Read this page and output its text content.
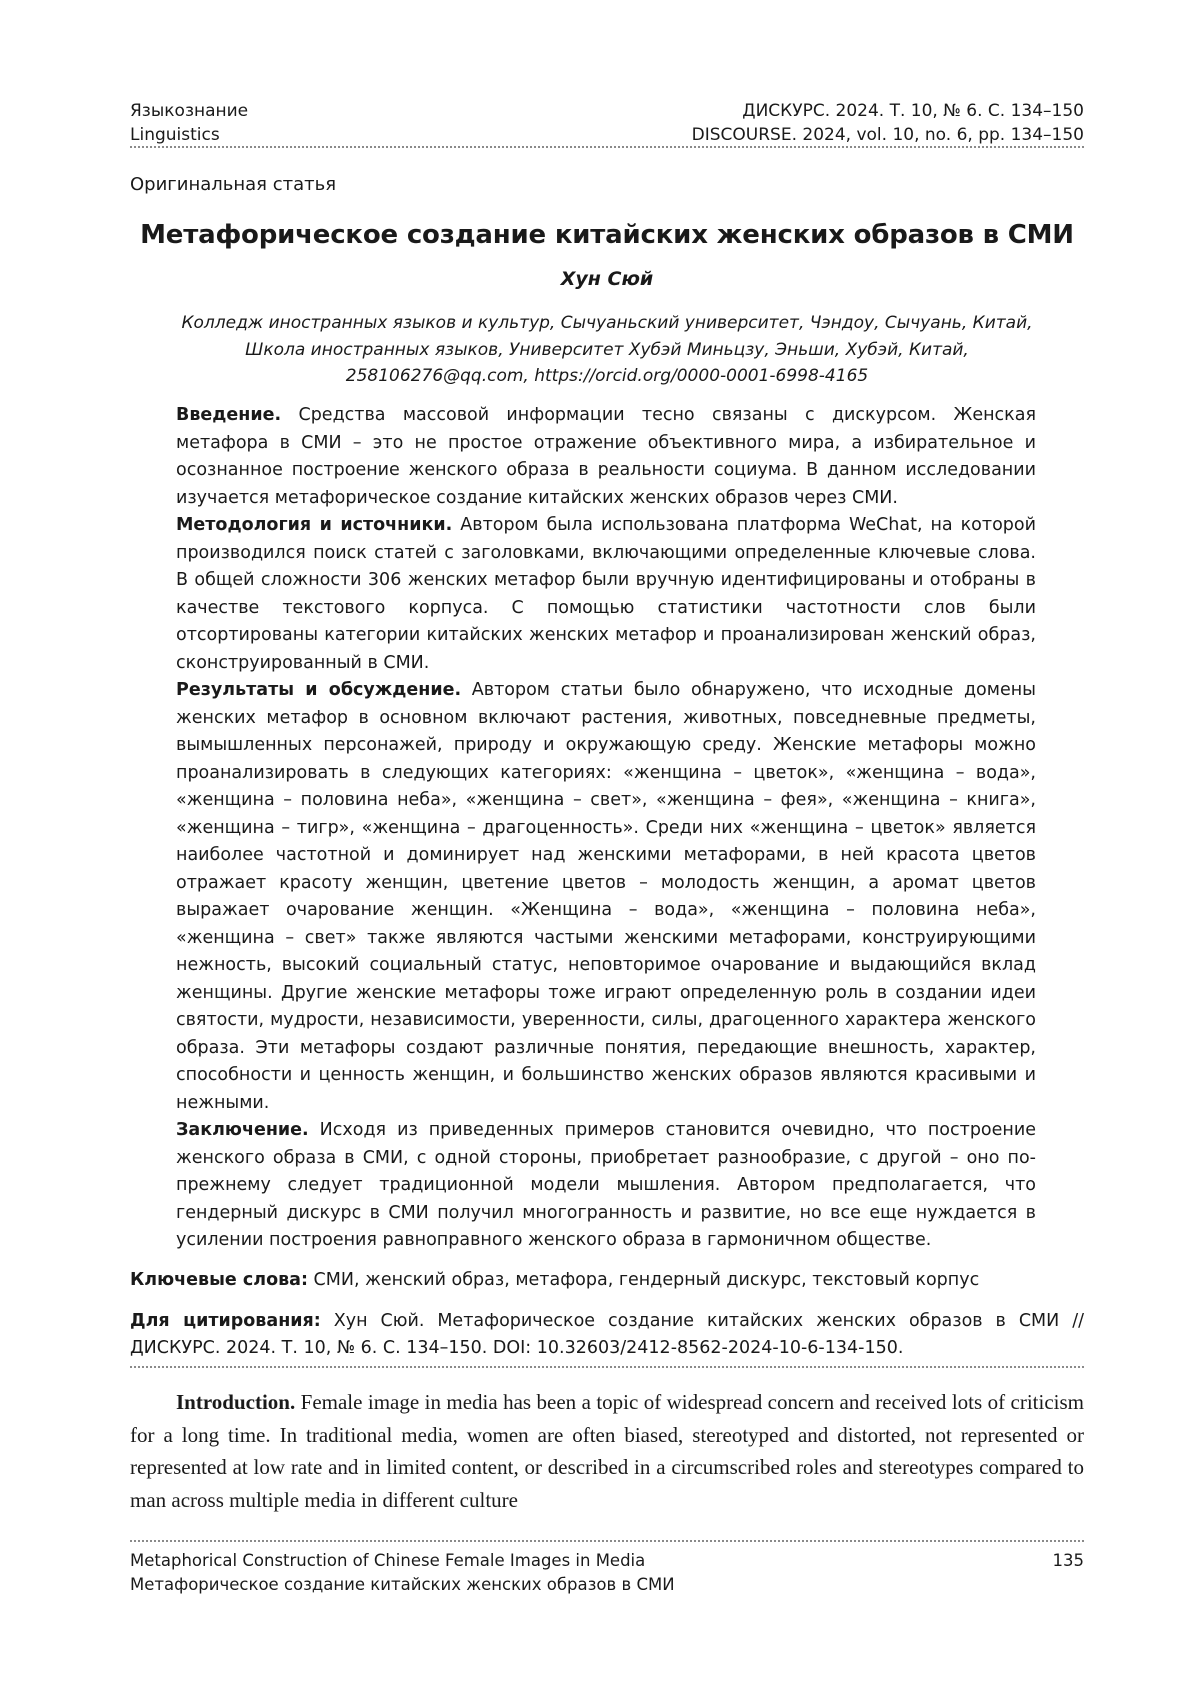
Языкознание
Linguistics
ДИСКУРС. 2024. Т. 10, № 6. С. 134–150
DISCOURSE. 2024, vol. 10, no. 6, pp. 134–150
Оригинальная статья
Метафорическое создание китайских женских образов в СМИ
Хун Сюй
Колледж иностранных языков и культур, Сычуаньский университет, Чэндоу, Сычуань, Китай,
Школа иностранных языков, Университет Хубэй Миньцзу, Эньши, Хубэй, Китай,
258106276@qq.com, https://orcid.org/0000-0001-6998-4165

Введение. Средства массовой информации тесно связаны с дискурсом. Женская метафора в СМИ – это не простое отражение объективного мира, а избирательное и осознанное построение женского образа в реальности социума. В данном исследовании изучается метафорическое создание китайских женских образов через СМИ.

Методология и источники. Автором была использована платформа WeChat, на которой производился поиск статей с заголовками, включающими определенные ключевые слова. В общей сложности 306 женских метафор были вручную идентифицированы и отобраны в качестве текстового корпуса. С помощью статистики частотности слов были отсортированы категории китайских женских метафор и проанализирован женский образ, сконструированный в СМИ.

Результаты и обсуждение. Автором статьи было обнаружено, что исходные домены женских метафор в основном включают растения, животных, повседневные предметы, вымышленных персонажей, природу и окружающую среду. Женские метафоры можно проанализировать в следующих категориях: «женщина – цветок», «женщина – вода», «женщина – половина неба», «женщина – свет», «женщина – фея», «женщина – книга», «женщина – тигр», «женщина – драгоценность». Среди них «женщина – цветок» является наиболее частотной и доминирует над женскими метафорами, в ней красота цветов отражает красоту женщин, цветение цветов – молодость женщин, а аромат цветов выражает очарование женщин. «Женщина – вода», «женщина – половина неба», «женщина – свет» также являются частыми женскими метафорами, конструирующими нежность, высокий социальный статус, неповторимое очарование и выдающийся вклад женщины. Другие женские метафоры тоже играют определенную роль в создании идеи святости, мудрости, независимости, уверенности, силы, драгоценного характера женского образа. Эти метафоры создают различные понятия, передающие внешность, характер, способности и ценность женщин, и большинство женских образов являются красивыми и нежными.

Заключение. Исходя из приведенных примеров становится очевидно, что построение женского образа в СМИ, с одной стороны, приобретает разнообразие, с другой – оно по-прежнему следует традиционной модели мышления. Автором предполагается, что гендерный дискурс в СМИ получил многогранность и развитие, но все еще нуждается в усилении построения равноправного женского образа в гармоничном обществе.

Ключевые слова: СМИ, женский образ, метафора, гендерный дискурс, текстовый корпус
Для цитирования: Хун Сюй. Метафорическое создание китайских женских образов в СМИ // ДИСКУРС. 2024. Т. 10, № 6. С. 134–150. DOI: 10.32603/2412-8562-2024-10-6-134-150.

Introduction. Female image in media has been a topic of widespread concern and received lots of criticism for a long time. In traditional media, women are often biased, stereotyped and distorted, not represented or represented at low rate and in limited content, or described in a circumscribed roles and stereotypes compared to man across multiple media in different culture

Metaphorical Construction of Chinese Female Images in Media
Метафорическое создание китайских женских образов в СМИ
135
